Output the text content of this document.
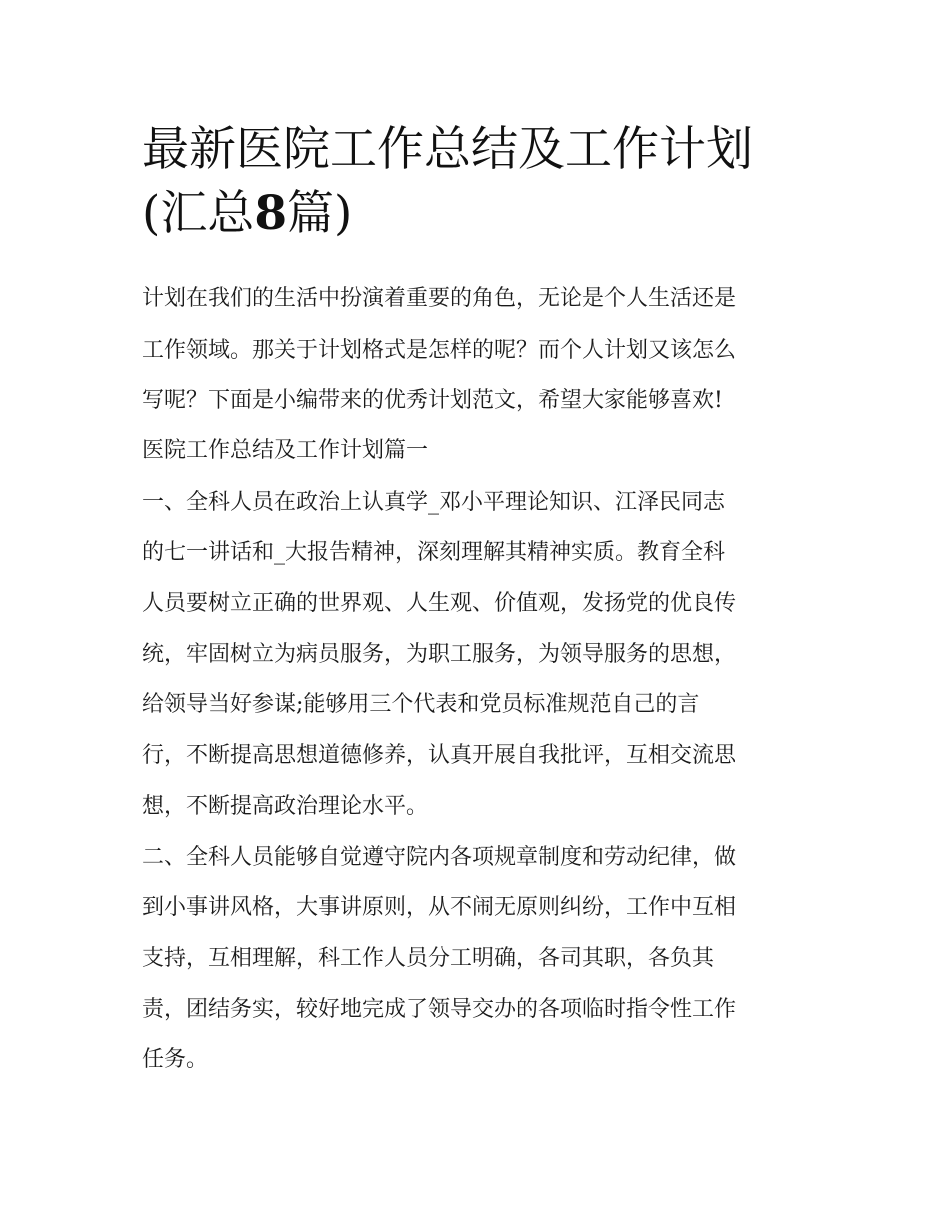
最新医院工作总结及工作计划
(汇总8篇)

计划在我们的生活中扮演着重要的角色，无论是个人生活还是

工作领域。那关于计划格式是怎样的呢？而个人计划又该怎么

写呢？下面是小编带来的优秀计划范文，希望大家能够喜欢!

医院工作总结及工作计划篇一

一、全科人员在政治上认真学_邓小平理论知识、江泽民同志

的七一讲话和_大报告精神，深刻理解其精神实质。教育全科

人员要树立正确的世界观、人生观、价值观，发扬党的优良传

统，牢固树立为病员服务，为职工服务，为领导服务的思想，

给领导当好参谋;能够用三个代表和党员标准规范自己的言

行，不断提高思想道德修养，认真开展自我批评，互相交流思

想，不断提高政治理论水平。

二、全科人员能够自觉遵守院内各项规章制度和劳动纪律，做

到小事讲风格，大事讲原则，从不闹无原则纠纷，工作中互相

支持，互相理解，科工作人员分工明确，各司其职，各负其

责，团结务实，较好地完成了领导交办的各项临时指令性工作

任务。
